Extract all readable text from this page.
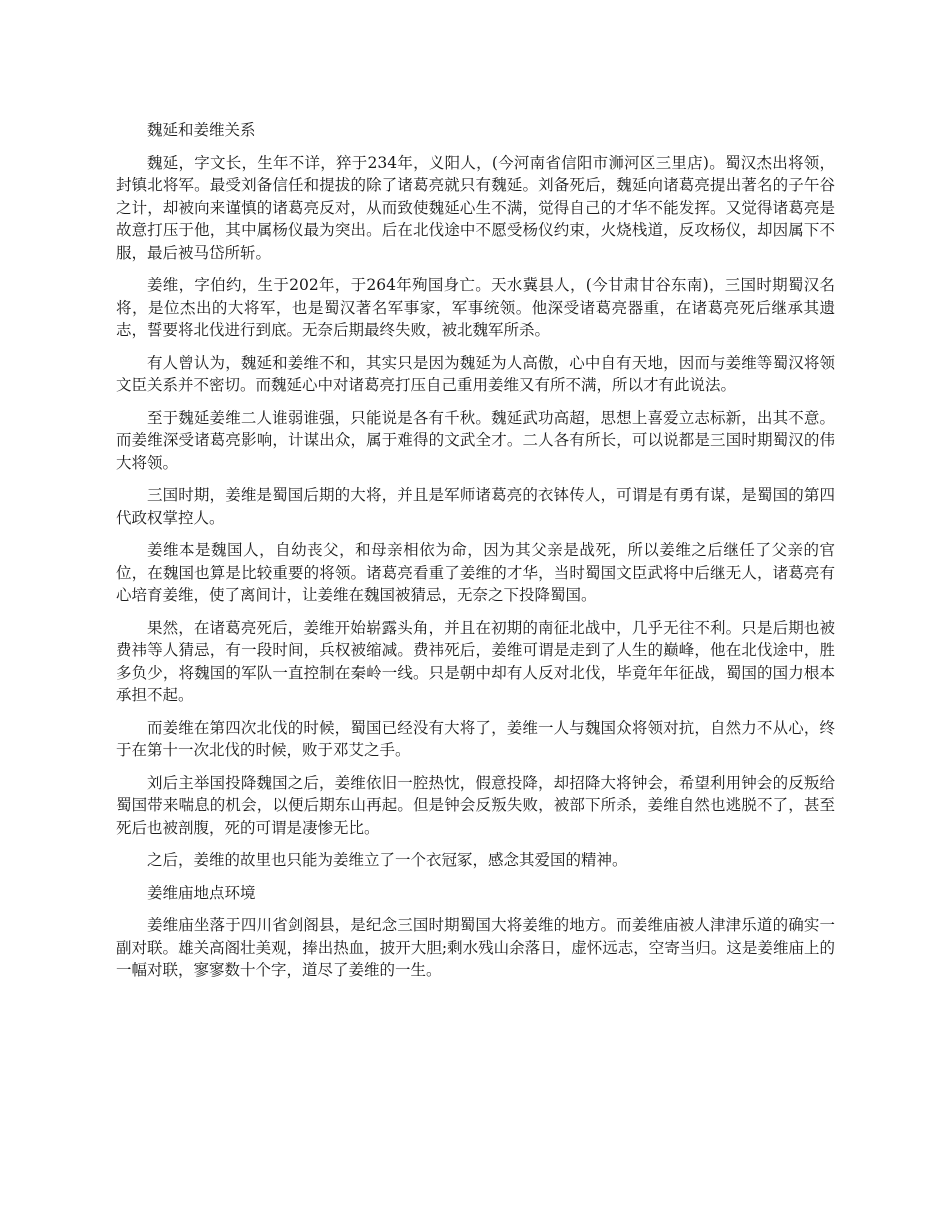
魏延和姜维关系

魏延，字文长，生年不详，猝于234年，义阳人，(今河南省信阳市浉河区三里店)。蜀汉杰出将领，封镇北将军。最受刘备信任和提拔的除了诸葛亮就只有魏延。刘备死后，魏延向诸葛亮提出著名的子午谷之计，却被向来谨慎的诸葛亮反对，从而致使魏延心生不满，觉得自己的才华不能发挥。又觉得诸葛亮是故意打压于他，其中属杨仪最为突出。后在北伐途中不愿受杨仪约束，火烧栈道，反攻杨仪，却因属下不服，最后被马岱所斩。

姜维，字伯约，生于202年，于264年殉国身亡。天水冀县人，(今甘肃甘谷东南)，三国时期蜀汉名将，是位杰出的大将军，也是蜀汉著名军事家，军事统领。他深受诸葛亮器重，在诸葛亮死后继承其遗志，誓要将北伐进行到底。无奈后期最终失败，被北魏军所杀。

有人曾认为，魏延和姜维不和，其实只是因为魏延为人高傲，心中自有天地，因而与姜维等蜀汉将领文臣关系并不密切。而魏延心中对诸葛亮打压自己重用姜维又有所不满，所以才有此说法。

至于魏延姜维二人谁弱谁强，只能说是各有千秋。魏延武功高超，思想上喜爱立志标新，出其不意。而姜维深受诸葛亮影响，计谋出众，属于难得的文武全才。二人各有所长，可以说都是三国时期蜀汉的伟大将领。

三国时期，姜维是蜀国后期的大将，并且是军师诸葛亮的衣钵传人，可谓是有勇有谋，是蜀国的第四代政权掌控人。

姜维本是魏国人，自幼丧父，和母亲相依为命，因为其父亲是战死，所以姜维之后继任了父亲的官位，在魏国也算是比较重要的将领。诸葛亮看重了姜维的才华，当时蜀国文臣武将中后继无人，诸葛亮有心培育姜维，使了离间计，让姜维在魏国被猜忌，无奈之下投降蜀国。

果然，在诸葛亮死后，姜维开始崭露头角，并且在初期的南征北战中，几乎无往不利。只是后期也被费祎等人猜忌，有一段时间，兵权被缩减。费祎死后，姜维可谓是走到了人生的巅峰，他在北伐途中，胜多负少，将魏国的军队一直控制在秦岭一线。只是朝中却有人反对北伐，毕竟年年征战，蜀国的国力根本承担不起。

而姜维在第四次北伐的时候，蜀国已经没有大将了，姜维一人与魏国众将领对抗，自然力不从心，终于在第十一次北伐的时候，败于邓艾之手。

刘后主举国投降魏国之后，姜维依旧一腔热忱，假意投降，却招降大将钟会，希望利用钟会的反叛给蜀国带来喘息的机会，以便后期东山再起。但是钟会反叛失败，被部下所杀，姜维自然也逃脱不了，甚至死后也被剖腹，死的可谓是凄惨无比。

之后，姜维的故里也只能为姜维立了一个衣冠冢，感念其爱国的精神。

姜维庙地点环境

姜维庙坐落于四川省剑阁县，是纪念三国时期蜀国大将姜维的地方。而姜维庙被人津津乐道的确实一副对联。雄关高阁壮美观，捧出热血，披开大胆;剩水残山余落日，虚怀远志，空寄当归。这是姜维庙上的一幅对联，寥寥数十个字，道尽了姜维的一生。
